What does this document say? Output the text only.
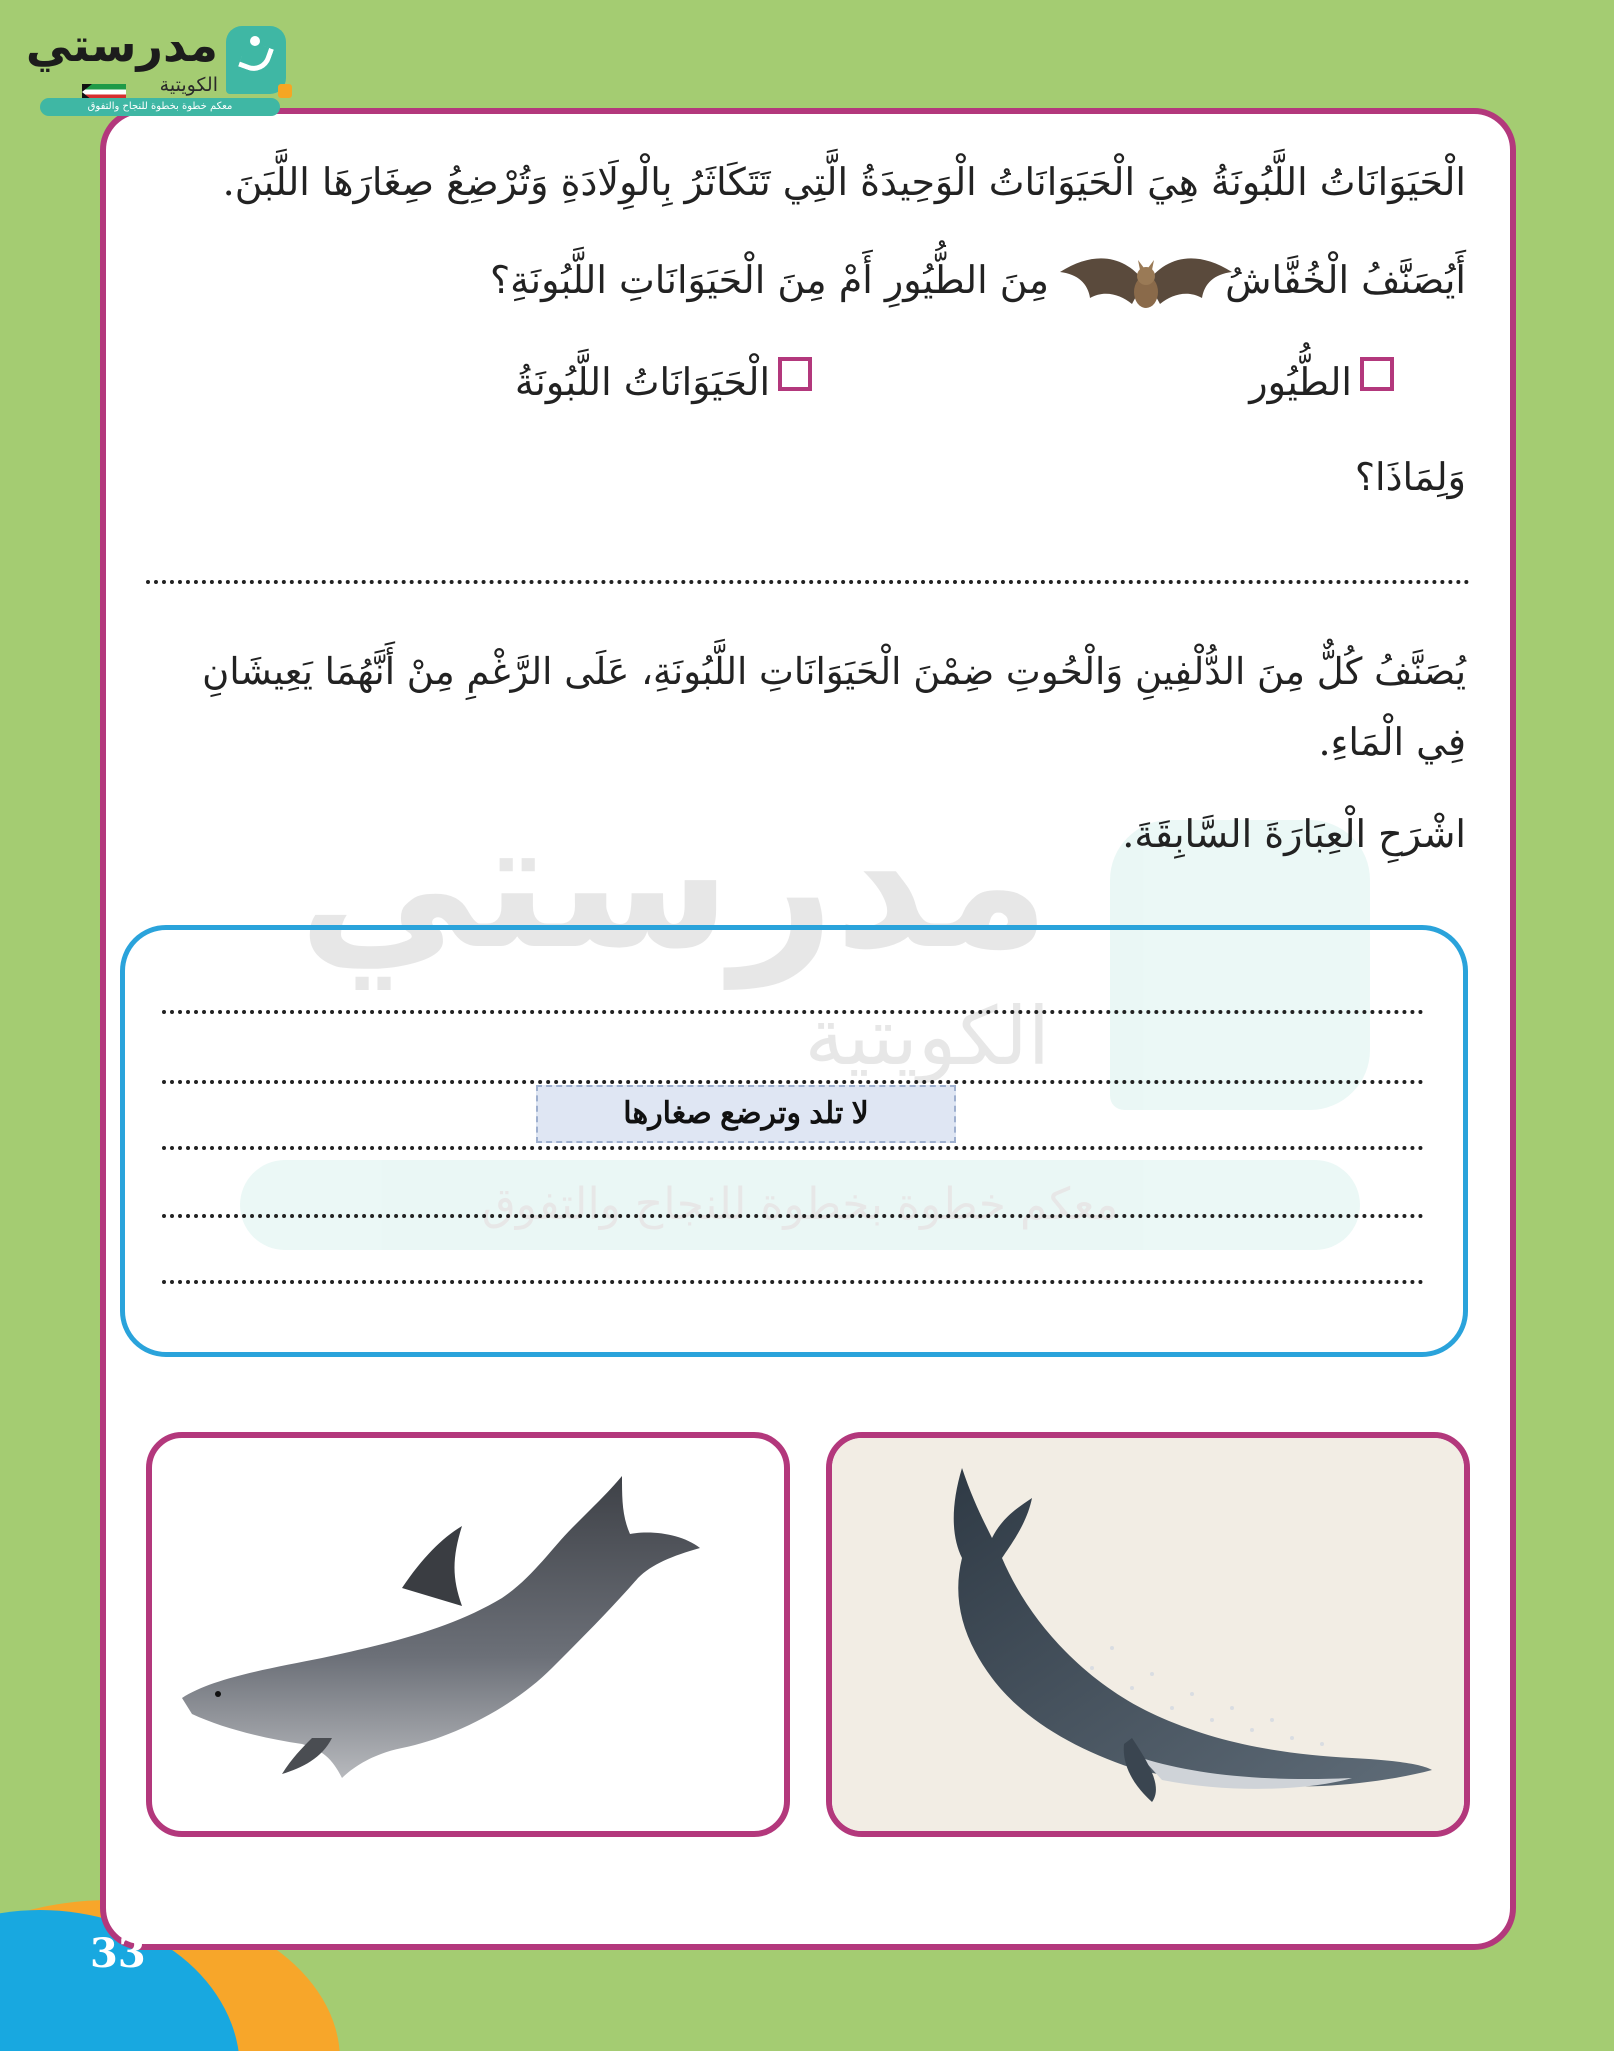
مدرستي
الكويتية
معكم خطوة بخطوة للنجاح والتفوق
الْحَيَوَانَاتُ اللَّبُونَةُ هِيَ الْحَيَوَانَاتُ الْوَحِيدَةُ الَّتِي تَتَكَاثَرُ بِالْوِلَادَةِ وَتُرْضِعُ صِغَارَهَا اللَّبَنَ.
أَيُصَنَّفُ الْخُفَّاشُ
مِنَ الطُّيُورِ أَمْ مِنَ الْحَيَوَانَاتِ اللَّبُونَةِ؟
الطُّيُور
الْحَيَوَانَاتُ اللَّبُونَةُ
وَلِمَاذَا؟
يُصَنَّفُ كُلٌّ مِنَ الدُّلْفِينِ وَالْحُوتِ ضِمْنَ الْحَيَوَانَاتِ اللَّبُونَةِ، عَلَى الرَّغْمِ مِنْ أَنَّهُمَا يَعِيشَانِ
فِي الْمَاءِ.
اشْرَحِ الْعِبَارَةَ السَّابِقَةَ.
لا تلد وترضع صغارها
33
